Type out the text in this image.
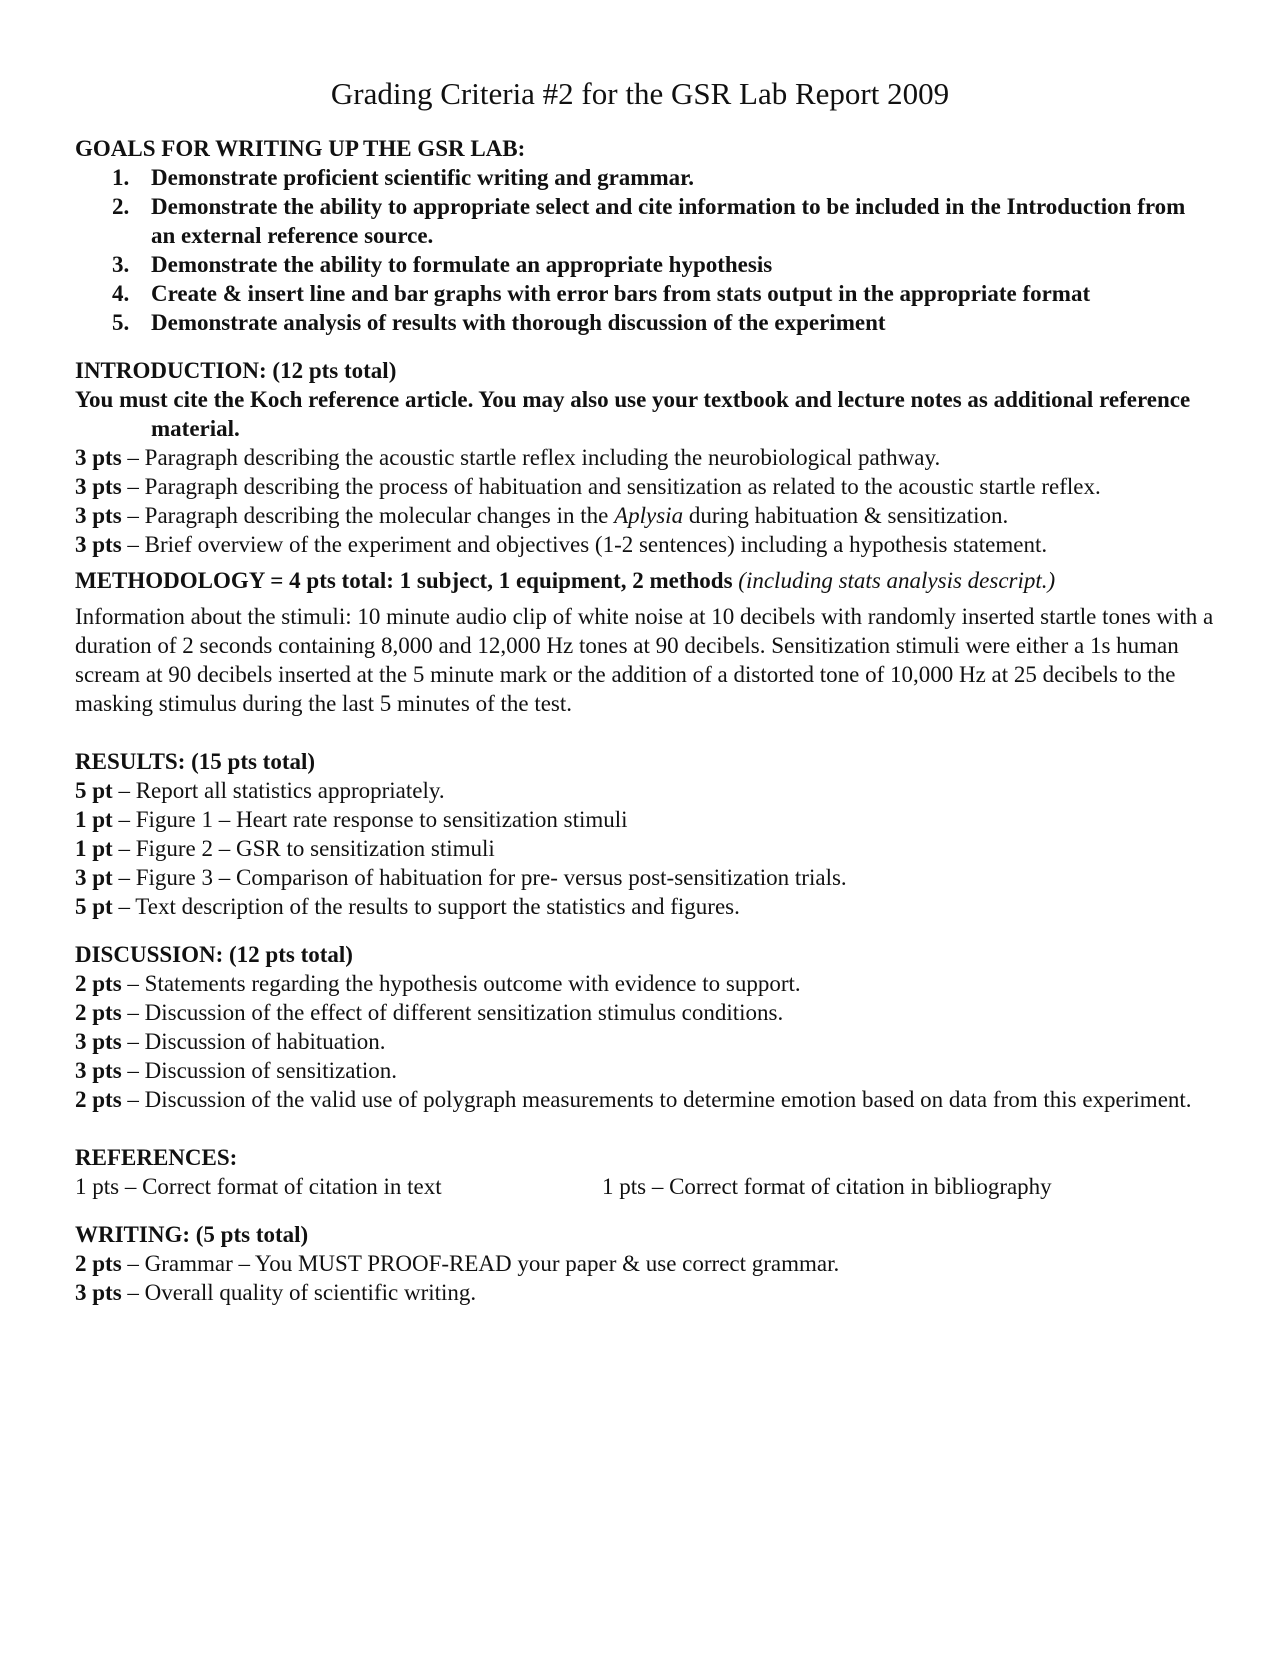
Grading Criteria #2 for the GSR Lab Report 2009
GOALS FOR WRITING UP THE GSR LAB:
1. Demonstrate proficient scientific writing and grammar.
2. Demonstrate the ability to appropriate select and cite information to be included in the Introduction from an external reference source.
3. Demonstrate the ability to formulate an appropriate hypothesis
4. Create & insert line and bar graphs with error bars from stats output in the appropriate format
5. Demonstrate analysis of results with thorough discussion of the experiment
INTRODUCTION: (12 pts total)
You must cite the Koch reference article. You may also use your textbook and lecture notes as additional reference material.
3 pts – Paragraph describing the acoustic startle reflex including the neurobiological pathway.
3 pts – Paragraph describing the process of habituation and sensitization as related to the acoustic startle reflex.
3 pts – Paragraph describing the molecular changes in the Aplysia during habituation & sensitization.
3 pts – Brief overview of the experiment and objectives (1-2 sentences) including a hypothesis statement.
METHODOLOGY = 4 pts total: 1 subject, 1 equipment, 2 methods (including stats analysis descript.)
Information about the stimuli: 10 minute audio clip of white noise at 10 decibels with randomly inserted startle tones with a duration of 2 seconds containing 8,000 and 12,000 Hz tones at 90 decibels. Sensitization stimuli were either a 1s human scream at 90 decibels inserted at the 5 minute mark or the addition of a distorted tone of 10,000 Hz at 25 decibels to the masking stimulus during the last 5 minutes of the test.
RESULTS: (15 pts total)
5 pt – Report all statistics appropriately.
1 pt – Figure 1 – Heart rate response to sensitization stimuli
1 pt – Figure 2 – GSR to sensitization stimuli
3 pt – Figure 3 – Comparison of habituation for pre- versus post-sensitization trials.
5 pt – Text description of the results to support the statistics and figures.
DISCUSSION: (12 pts total)
2 pts – Statements regarding the hypothesis outcome with evidence to support.
2 pts – Discussion of the effect of different sensitization stimulus conditions.
3 pts – Discussion of habituation.
3 pts – Discussion of sensitization.
2 pts – Discussion of the valid use of polygraph measurements to determine emotion based on data from this experiment.
REFERENCES:
1 pts – Correct format of citation in text	1 pts – Correct format of citation in bibliography
WRITING: (5 pts total)
2 pts – Grammar – You MUST PROOF-READ your paper & use correct grammar.
3 pts – Overall quality of scientific writing.
